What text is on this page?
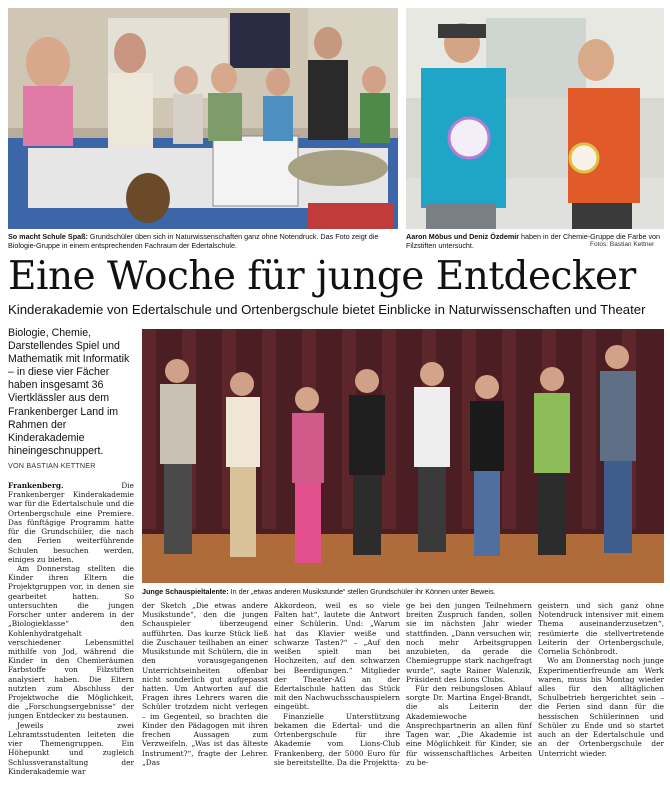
So macht Schule Spaß: Grundschüler üben sich in Naturwissenschaften ganz ohne Notendruck. Das Foto zeigt die Biologie-Gruppe in einem entsprechenden Fachraum der Edertalschule.
Aaron Möbus und Deniz Özdemir haben in der Chemie-Gruppe die Farbe von Filzstiften untersucht.	Fotos: Bastian Kettner
Eine Woche für junge Entdecker
Kinderakademie von Edertalschule und Ortenbergschule bietet Einblicke in Naturwissenschaften und Theater
Biologie, Chemie, Darstellendes Spiel und Mathematik mit Informatik – in diese vier Fächer haben insgesamt 36 Viertklässler aus dem Frankenberger Land im Rahmen der Kinderakademie hineingeschnuppert.
VON BASTIAN KETTNER
Junge Schauspieltalente: In der „etwas anderen Musikstunde“ stellen Grundschüler ihr Können unter Beweis.

Frankenberg. Die Frankenberger Kinderakademie war für die Edertalschule und die Ortenbergschule eine Premiere. Das fünftägige Programm hatte für die Grundschüler, die nach den Ferien weiterführende Schulen besuchen werden, einiges zu bieten.

Am Donnerstag stellten die Kinder ihren Eltern die Projektgruppen vor, in denen sie gearbeitet hatten. So untersuchten die jungen Forscher unter anderem in der „Biologieklasse“ den Kohlenhydratgehalt verschiedener Lebensmittel mithilfe von Jod, während die Kinder in den Chemieräumen Farbstoffe von Filzstiften analysiert haben. Die Eltern nutzten zum Abschluss der Projektwoche die Möglichkeit, die „Forschungsergebnisse“ der jungen Entdecker zu bestaunen.

Jeweils zwei Lehramtsstudenten leiteten die vier Themengruppen. Ein Höhepunkt und zugleich Schlussveranstaltung der Kinderakademie war

der Sketch „Die etwas andere Musikstunde“, den die jungen Schauspieler überzeugend aufführten. Das kurze Stück ließ die Zuschauer teilhaben an einer Musikstunde mit Schülern, die in den vorausgegangenen Unterrichtseinheiten offenbar nicht sonderlich gut aufgepasst hatten. Um Antworten auf die Fragen ihres Lehrers waren die Schüler trotzdem nicht verlegen – im Gegenteil, so brachten die Kinder den Pädagogen mit ihren frechen Aussagen zum Verzweifeln. „Was ist das älteste Instrument?“, fragte der Lehrer. „Das

Akkordeon, weil es so viele Falten hat“, lautete die Antwort einer Schülerin. Und: „Warum hat das Klavier weiße und schwarze Tasten?“ – „Auf den weißen spielt man bei Hochzeiten, auf den schwarzen bei Beerdigungen.“ Mitglieder der Theater-AG an der Edertalschule hatten das Stück mit den Nachwuchsschauspielern eingeübt.

Finanzielle Unterstützung bekamen die Edertal- und die Ortenbergschule für ihre Akademie vom Lions-Club Frankenberg, der 5000 Euro für sie bereitstellte. Da die Projektta-

ge bei den jungen Teilnehmern breiten Zuspruch fanden, sollen sie im nächsten Jahr wieder stattfinden. „Dann versuchen wir, noch mehr Arbeitsgruppen anzubieten, da gerade die Chemiegruppe stark nachgefragt wurde“, sagte Rainer Walenzik, Präsident des Lions Clubs.

Für den reibungslosen Ablauf sorgte Dr. Martina Engel-Brandt, die als Leiterin der Akademiewoche Ansprechpartnerin an allen fünf Tagen war. „Die Akademie ist eine Möglichkeit für Kinder, sie für wissenschaftliches Arbeiten zu be-

geistern und sich ganz ohne Notendruck intensiver mit einem Thema auseinanderzusetzen“, resümierte die stellvertretende Leiterin der Ortenbergschule, Cornelia Schönbrodt.

Wo am Donnerstag noch junge Experimentierfreunde am Werk waren, muss bis Montag wieder alles für den alltäglichen Schulbetrieb hergerichtet sein – die Ferien sind dann für die hessischen Schülerinnen und Schüler zu Ende und so startet auch an der Edertalschule und an der Ortenbergschule der Unterricht wieder.
